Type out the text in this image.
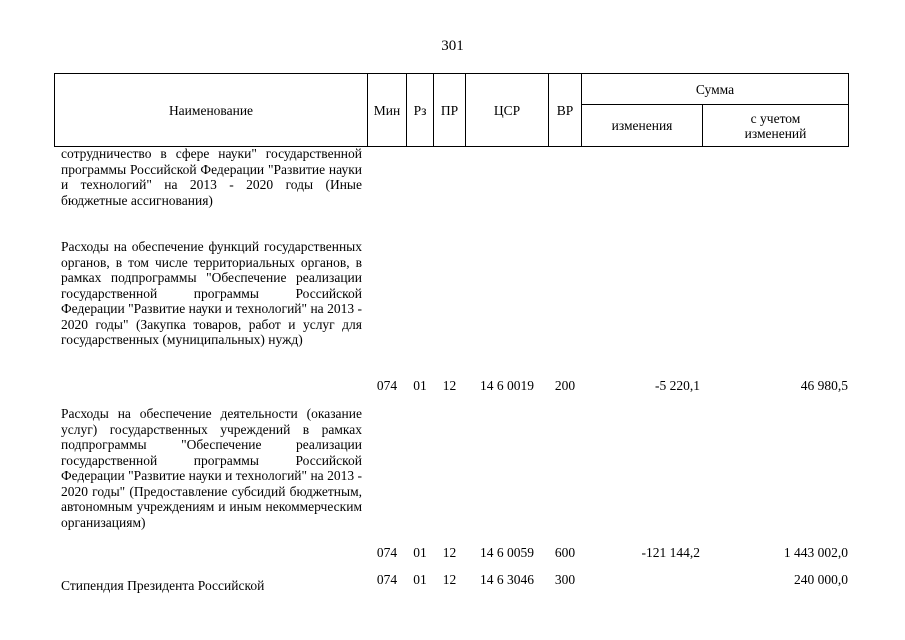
301
Наименование	Мин	Рз	ПР	ЦСР	ВР	Сумма	
						изменения	с учетом
изменений
сотрудничество в сфере науки" государственной программы Российской Федерации "Развитие науки и технологий" на 2013 - 2020 годы (Иные бюджетные ассигнования)
Расходы на обеспечение функций государственных органов, в том числе территориальных органов, в рамках подпрограммы "Обеспечение реализации государственной программы Российской Федерации "Развитие науки и технологий" на 2013 - 2020 годы" (Закупка товаров, работ и услуг для государственных (муниципальных) нужд)
074	01	12	14 6 0019	200	-5 220,1	46 980,5
Расходы на обеспечение деятельности (оказание услуг) государственных учреждений в рамках подпрограммы "Обеспечение реализации государственной программы Российской Федерации "Развитие науки и технологий" на 2013 - 2020 годы" (Предоставление субсидий бюджетным, автономным учреждениям и иным некоммерческим организациям)
074	01	12	14 6 0059	600	-121 144,2	1 443 002,0
Стипендия Президента Российской	074	01	12	14 6 3046	300	240 000,0
